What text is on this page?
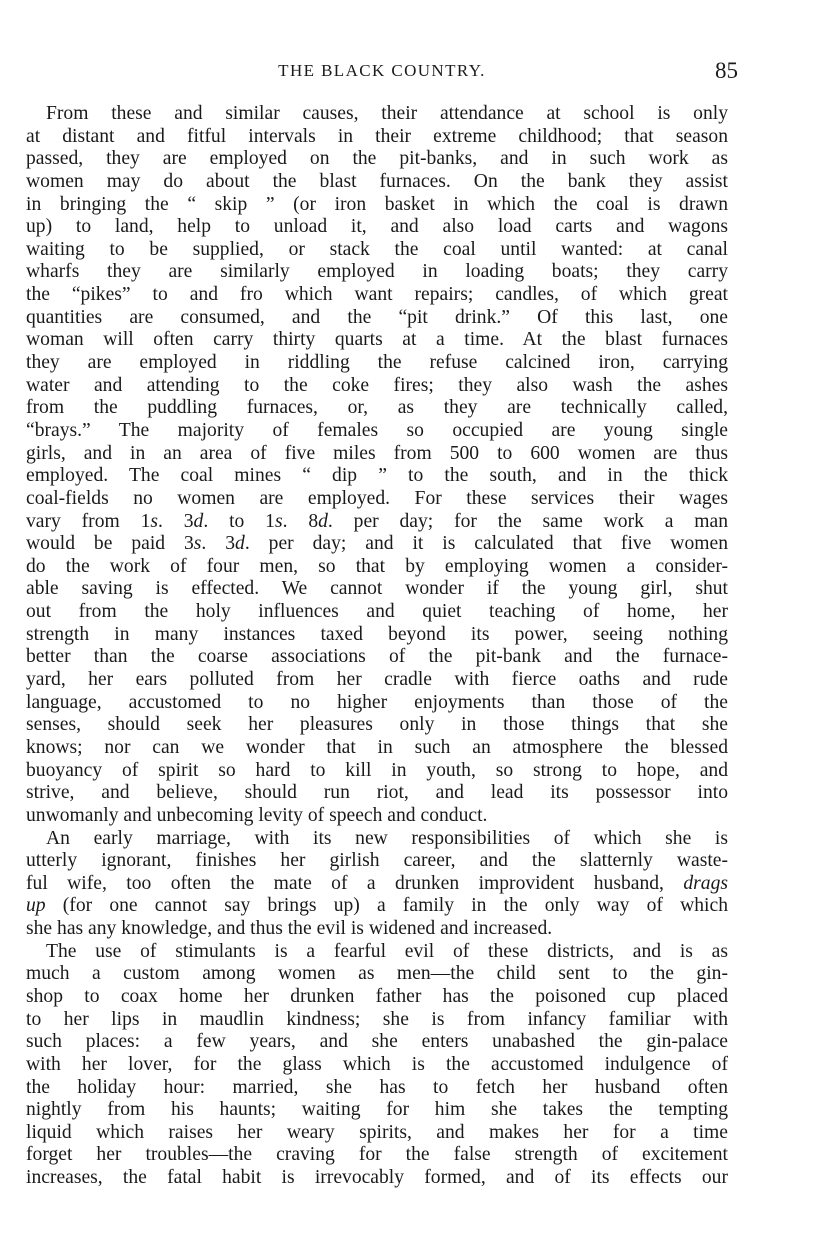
THE BLACK COUNTRY.	85
From these and similar causes, their attendance at school is only
at distant and fitful intervals in their extreme childhood; that season
passed, they are employed on the pit-banks, and in such work as
women may do about the blast furnaces. On the bank they assist
in bringing the “ skip ” (or iron basket in which the coal is drawn
up) to land, help to unload it, and also load carts and wagons
waiting to be supplied, or stack the coal until wanted: at canal
wharfs they are similarly employed in loading boats; they carry
the “pikes” to and fro which want repairs; candles, of which great
quantities are consumed, and the “pit drink.” Of this last, one
woman will often carry thirty quarts at a time. At the blast furnaces
they are employed in riddling the refuse calcined iron, carrying
water and attending to the coke fires; they also wash the ashes
from the puddling furnaces, or, as they are technically called,
“brays.” The majority of females so occupied are young single
girls, and in an area of five miles from 500 to 600 women are thus
employed. The coal mines “ dip ” to the south, and in the thick
coal-fields no women are employed. For these services their wages
vary from 1s. 3d. to 1s. 8d. per day; for the same work a man
would be paid 3s. 3d. per day; and it is calculated that five women
do the work of four men, so that by employing women a consider-
able saving is effected. We cannot wonder if the young girl, shut
out from the holy influences and quiet teaching of home, her
strength in many instances taxed beyond its power, seeing nothing
better than the coarse associations of the pit-bank and the furnace-
yard, her ears polluted from her cradle with fierce oaths and rude
language, accustomed to no higher enjoyments than those of the
senses, should seek her pleasures only in those things that she
knows; nor can we wonder that in such an atmosphere the blessed
buoyancy of spirit so hard to kill in youth, so strong to hope, and
strive, and believe, should run riot, and lead its possessor into
unwomanly and unbecoming levity of speech and conduct.
An early marriage, with its new responsibilities of which she is
utterly ignorant, finishes her girlish career, and the slatternly waste-
ful wife, too often the mate of a drunken improvident husband, drags
up (for one cannot say brings up) a family in the only way of which
she has any knowledge, and thus the evil is widened and increased.
The use of stimulants is a fearful evil of these districts, and is as
much a custom among women as men—the child sent to the gin-
shop to coax home her drunken father has the poisoned cup placed
to her lips in maudlin kindness; she is from infancy familiar with
such places: a few years, and she enters unabashed the gin-palace
with her lover, for the glass which is the accustomed indulgence of
the holiday hour: married, she has to fetch her husband often
nightly from his haunts; waiting for him she takes the tempting
liquid which raises her weary spirits, and makes her for a time
forget her troubles—the craving for the false strength of excitement
increases, the fatal habit is irrevocably formed, and of its effects our
